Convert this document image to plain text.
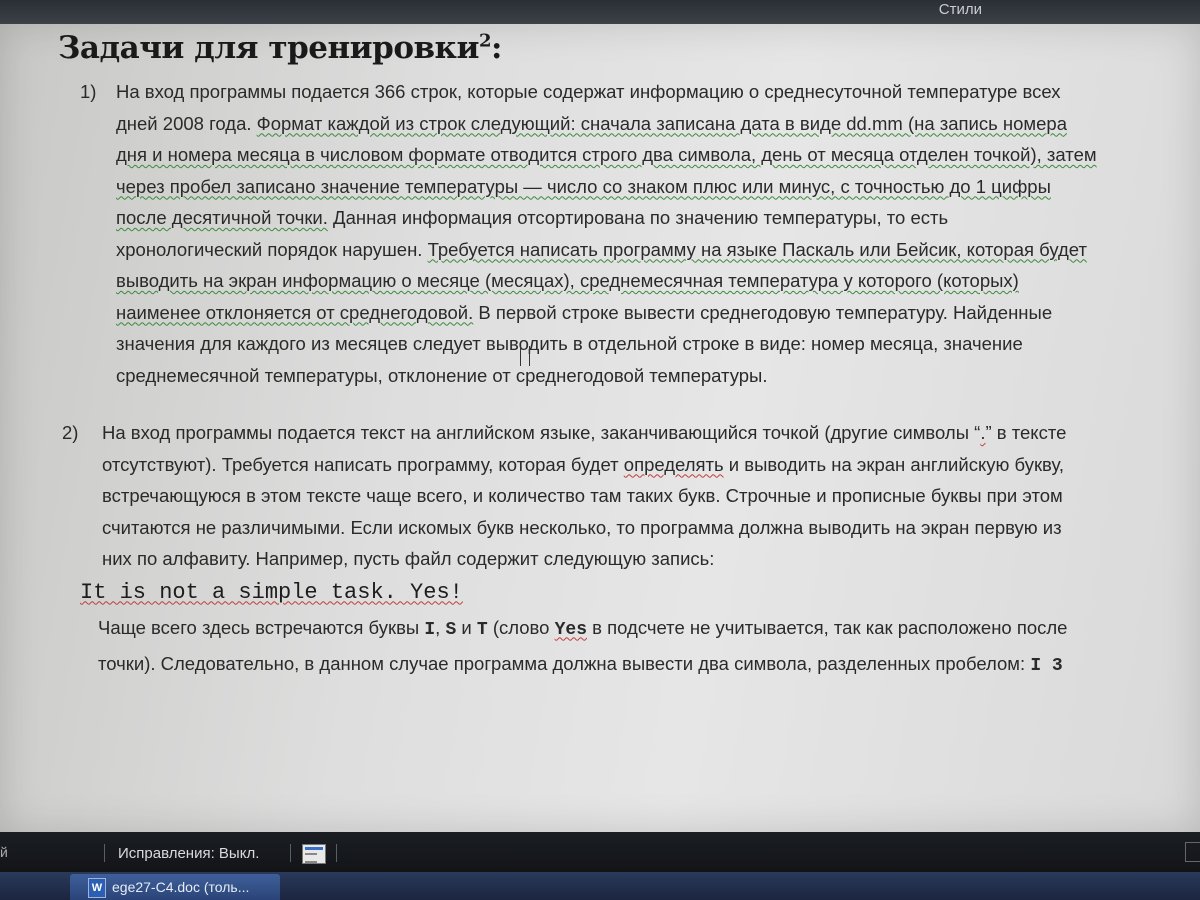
Стили
Задачи для тренировки$^2$:
1) На вход программы подается 366 строк, которые содержат информацию о среднесуточной температуре всех дней 2008 года. Формат каждой из строк следующий: сначала записана дата в виде dd.mm (на запись номера дня и номера месяца в числовом формате отводится строго два символа, день от месяца отделен точкой), затем через пробел записано значение температуры — число со знаком плюс или минус, с точностью до 1 цифры после десятичной точки. Данная информация отсортирована по значению температуры, то есть хронологический порядок нарушен. Требуется написать программу на языке Паскаль или Бейсик, которая будет выводить на экран информацию о месяце (месяцах), среднемесячная температура у которого (которых) наименее отклоняется от среднегодовой. В первой строке вывести среднегодовую температуру. Найденные значения для каждого из месяцев следует выводить в отдельной строке в виде: номер месяца, значение среднемесячной температуры, отклонение от среднегодовой температуры.

2) На вход программы подается текст на английском языке, заканчивающийся точкой (другие символы “.” в тексте отсутствуют). Требуется написать программу, которая будет определять и выводить на экран английскую букву, встречающуюся в этом тексте чаще всего, и количество там таких букв. Строчные и прописные буквы при этом считаются не различимыми. Если искомых букв несколько, то программа должна выводить на экран первую из них по алфавиту. Например, пусть файл содержит следующую запись:

It is not a simple task. Yes!

Чаще всего здесь встречаются буквы I, S и T (слово Yes в подсчете не учитывается, так как расположено после точки). Следовательно, в данном случае программа должна вывести два символа, разделенных пробелом: I 3

й	Исправления: Выкл.
ege27-C4.doc (толь...
W
